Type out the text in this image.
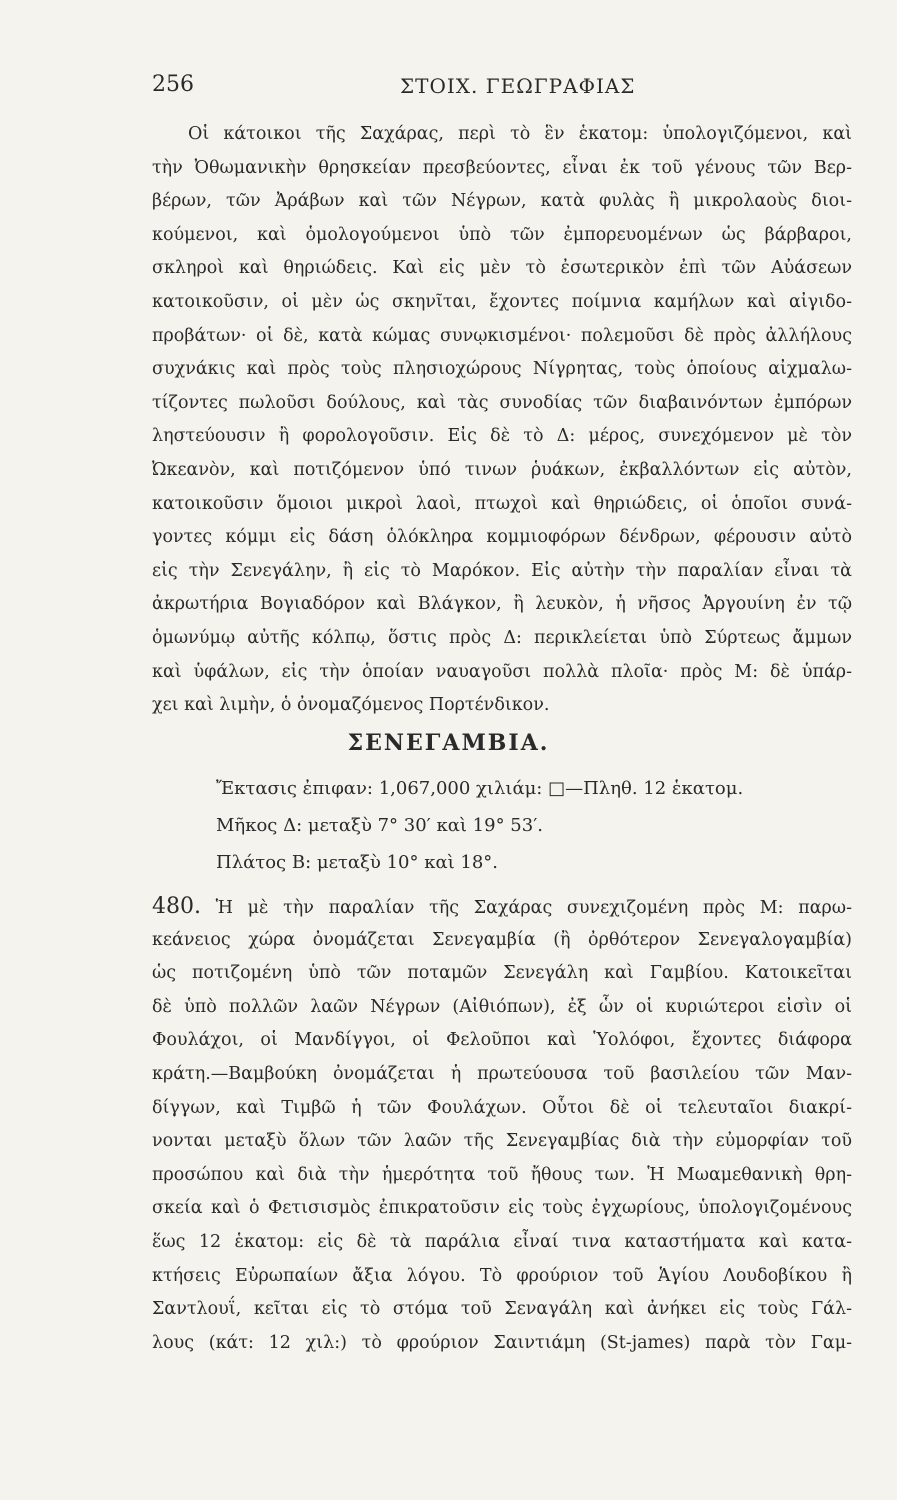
256	ΣΤΟΙΧ. ΓΕΩΓΡΑΦΙΑΣ
Οἱ κάτοικοι τῆς Σαχάρας, περὶ τὸ ἓν ἑκατομ: ὑπολογιζόμενοι, καὶ
τὴν Ὀθωμανικὴν θρησκείαν πρεσβεύοντες, εἶναι ἐκ τοῦ γένους τῶν Βερ-
βέρων, τῶν Ἀράβων καὶ τῶν Νέγρων, κατὰ φυλὰς ἢ μικρολαοὺς διοι-
κούμενοι, καὶ ὁμολογούμενοι ὑπὸ τῶν ἐμπορευομένων ὡς βάρβαροι,
σκληροὶ καὶ θηριώδεις. Καὶ εἰς μὲν τὸ ἐσωτερικὸν ἐπὶ τῶν Αὐάσεων
κατοικοῦσιν, οἱ μὲν ὡς σκηνῖται, ἔχοντες ποίμνια καμήλων καὶ αἰγιδο-
προβάτων· οἱ δὲ, κατὰ κώμας συνῳκισμένοι· πολεμοῦσι δὲ πρὸς ἀλλήλους
συχνάκις καὶ πρὸς τοὺς πλησιοχώρους Νίγρητας, τοὺς ὁποίους αἰχμαλω-
τίζοντες πωλοῦσι δούλους, καὶ τὰς συνοδίας τῶν διαβαινόντων ἐμπόρων
ληστεύουσιν ἢ φορολογοῦσιν. Εἰς δὲ τὸ Δ: μέρος, συνεχόμενον μὲ τὸν
Ὠκεανὸν, καὶ ποτιζόμενον ὑπό τινων ῥυάκων, ἐκβαλλόντων εἰς αὐτὸν,
κατοικοῦσιν ὅμοιοι μικροὶ λαοὶ, πτωχοὶ καὶ θηριώδεις, οἱ ὁποῖοι συνά-
γοντες κόμμι εἰς δάση ὁλόκληρα κομμιοφόρων δένδρων, φέρουσιν αὐτὸ
εἰς τὴν Σενεγάλην, ἢ εἰς τὸ Μαρόκον. Εἰς αὐτὴν τὴν παραλίαν εἶναι τὰ
ἀκρωτήρια Βογιαδόρον καὶ Βλάγκον, ἢ λευκὸν, ἡ νῆσος Ἀργουίνη ἐν τῷ
ὁμωνύμῳ αὐτῆς κόλπῳ, ὅστις πρὸς Δ: περικλείεται ὑπὸ Σύρτεως ἄμμων
καὶ ὑφάλων, εἰς τὴν ὁποίαν ναυαγοῦσι πολλὰ πλοῖα· πρὸς Μ: δὲ ὑπάρ-
χει καὶ λιμὴν, ὁ ὀνομαζόμενος Πορτένδικον.
ΣΕΝΕΓΑΜΒΙΑ.
Ἔκτασις ἐπιφαν: 1,067,000 χιλιάμ: □—Πληθ. 12 ἑκατομ.
Μῆκος Δ: μεταξὺ 7° 30′ καὶ 19° 53′.
Πλάτος Β: μεταξὺ 10° καὶ 18°.
480. Ἡ μὲ τὴν παραλίαν τῆς Σαχάρας συνεχιζομένη πρὸς Μ: παρω-
κεάνειος χώρα ὀνομάζεται Σενεγαμβία (ἢ ὀρθότερον Σενεγαλογαμβία)
ὡς ποτιζομένη ὑπὸ τῶν ποταμῶν Σενεγάλη καὶ Γαμβίου. Κατοικεῖται
δὲ ὑπὸ πολλῶν λαῶν Νέγρων (Αἰθιόπων), ἐξ ὧν οἱ κυριώτεροι εἰσὶν οἱ
Φουλάχοι, οἱ Μανδίγγοι, οἱ Φελοῦποι καὶ Ὑολόφοι, ἔχοντες διάφορα
κράτη.—Βαμβούκη ὀνομάζεται ἡ πρωτεύουσα τοῦ βασιλείου τῶν Μαν-
δίγγων, καὶ Τιμβῶ ἡ τῶν Φουλάχων. Οὗτοι δὲ οἱ τελευταῖοι διακρί-
νονται μεταξὺ ὅλων τῶν λαῶν τῆς Σενεγαμβίας διὰ τὴν εὐμορφίαν τοῦ
προσώπου καὶ διὰ τὴν ἡμερότητα τοῦ ἤθους των. Ἡ Μωαμεθανικὴ θρη-
σκεία καὶ ὁ Φετισισμὸς ἐπικρατοῦσιν εἰς τοὺς ἐγχωρίους, ὑπολογιζομένους
ἕως 12 ἑκατομ: εἰς δὲ τὰ παράλια εἶναί τινα καταστήματα καὶ κατα-
κτήσεις Εὐρωπαίων ἄξια λόγου. Τὸ φρούριον τοῦ Ἁγίου Λουδοβίκου ἢ
Σαντλουΐ, κεῖται εἰς τὸ στόμα τοῦ Σεναγάλη καὶ ἀνήκει εἰς τοὺς Γάλ-
λους (κάτ: 12 χιλ:) τὸ φρούριον Σαιντιάμη (St-james) παρὰ τὸν Γαμ-
